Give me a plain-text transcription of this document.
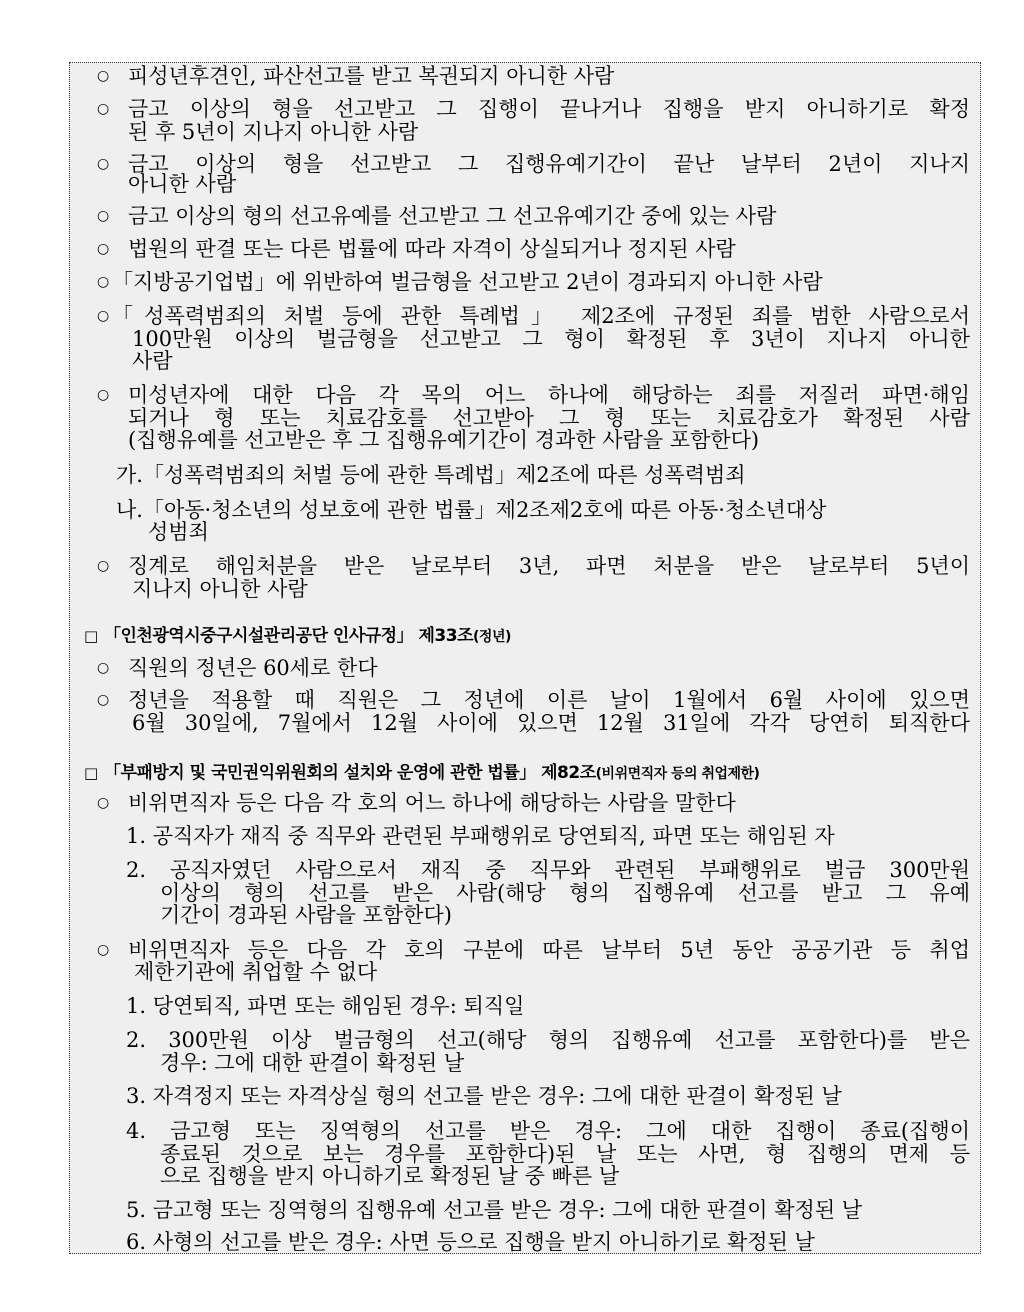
○ 피성년후견인, 파산선고를 받고 복권되지 아니한 사람
○ 금고 이상의 형을 선고받고 그 집행이 끝나거나 집행을 받지 아니하기로 확정
된 후 5년이 지나지 아니한 사람
○ 금고 이상의 형을 선고받고 그 집행유예기간이 끝난 날부터 2년이 지나지
아니한 사람
○ 금고 이상의 형의 선고유예를 선고받고 그 선고유예기간 중에 있는 사람
○ 법원의 판결 또는 다른 법률에 따라 자격이 상실되거나 정지된 사람
○ 「지방공기업법」에 위반하여 벌금형을 선고받고 2년이 경과되지 아니한 사람
○ 「성폭력범죄의 처벌 등에 관한 특례법」 제2조에 규정된 죄를 범한 사람으로서
100만원 이상의 벌금형을 선고받고 그 형이 확정된 후 3년이 지나지 아니한
사람
○ 미성년자에 대한 다음 각 목의 어느 하나에 해당하는 죄를 저질러 파면·해임
되거나 형 또는 치료감호를 선고받아 그 형 또는 치료감호가 확정된 사람
(집행유예를 선고받은 후 그 집행유예기간이 경과한 사람을 포함한다)
가.「성폭력범죄의 처벌 등에 관한 특례법」제2조에 따른 성폭력범죄
나.「아동·청소년의 성보호에 관한 법률」제2조제2호에 따른 아동·청소년대상
성범죄
○ 징계로 해임처분을 받은 날로부터 3년, 파면 처분을 받은 날로부터 5년이
지나지 아니한 사람
□ 「인천광역시중구시설관리공단 인사규정」 제33조(정년)
○ 직원의 정년은 60세로 한다
○ 정년을 적용할 때 직원은 그 정년에 이른 날이 1월에서 6월 사이에 있으면
6월 30일에, 7월에서 12월 사이에 있으면 12월 31일에 각각 당연히 퇴직한다
□ 「부패방지 및 국민권익위원회의 설치와 운영에 관한 법률」 제82조(비위면직자 등의 취업제한)
○ 비위면직자 등은 다음 각 호의 어느 하나에 해당하는 사람을 말한다
1. 공직자가 재직 중 직무와 관련된 부패행위로 당연퇴직, 파면 또는 해임된 자
2. 공직자였던 사람으로서 재직 중 직무와 관련된 부패행위로 벌금 300만원
이상의 형의 선고를 받은 사람(해당 형의 집행유예 선고를 받고 그 유예
기간이 경과된 사람을 포함한다)
○ 비위면직자 등은 다음 각 호의 구분에 따른 날부터 5년 동안 공공기관 등 취업
제한기관에 취업할 수 없다
1. 당연퇴직, 파면 또는 해임된 경우: 퇴직일
2. 300만원 이상 벌금형의 선고(해당 형의 집행유예 선고를 포함한다)를 받은
경우: 그에 대한 판결이 확정된 날
3. 자격정지 또는 자격상실 형의 선고를 받은 경우: 그에 대한 판결이 확정된 날
4. 금고형 또는 징역형의 선고를 받은 경우: 그에 대한 집행이 종료(집행이
종료된 것으로 보는 경우를 포함한다)된 날 또는 사면, 형 집행의 면제 등
으로 집행을 받지 아니하기로 확정된 날 중 빠른 날
5. 금고형 또는 징역형의 집행유예 선고를 받은 경우: 그에 대한 판결이 확정된 날
6. 사형의 선고를 받은 경우: 사면 등으로 집행을 받지 아니하기로 확정된 날
